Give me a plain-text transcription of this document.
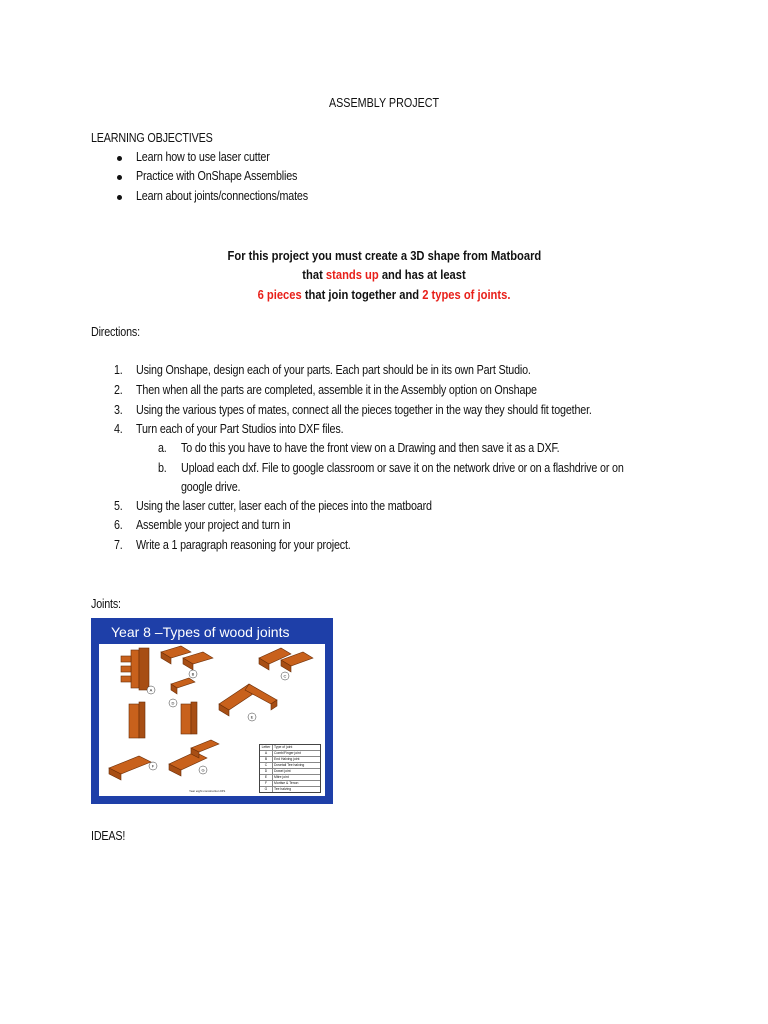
ASSEMBLY PROJECT
LEARNING OBJECTIVES
Learn how to use laser cutter
Practice with OnShape Assemblies
Learn about joints/connections/mates
For this project you must create a 3D shape from Matboard
that stands up and has at least
6 pieces that join together and 2 types of joints.
Directions:
1. Using Onshape, design each of your parts. Each part should be in its own Part Studio.
2. Then when all the parts are completed, assemble it in the Assembly option on Onshape
3. Using the various types of mates, connect all the pieces together in the way they should fit together.
4. Turn each of your Part Studios into DXF files.
a. To do this you have to have the front view on a Drawing and then save it as a DXF.
b. Upload each dxf. File to google classroom or save it on the network drive or on a flashdrive or on
google drive.
5. Using the laser cutter, laser each of the pieces into the matboard
6. Assemble your project and turn in
7. Write a 1 paragraph reasoning for your project.
Joints:
Year 8 –Types of wood joints
A
B	C
D
E
F
G
Letter	Type of joint
A	Comb/Finger joint
B	End Halving joint
C	Dovetail Tee halving
D	Dowel joint
E	Mitre joint
F	Mortise & Tenon
G	Tee halving
Year eight construction DIS
IDEAS!
